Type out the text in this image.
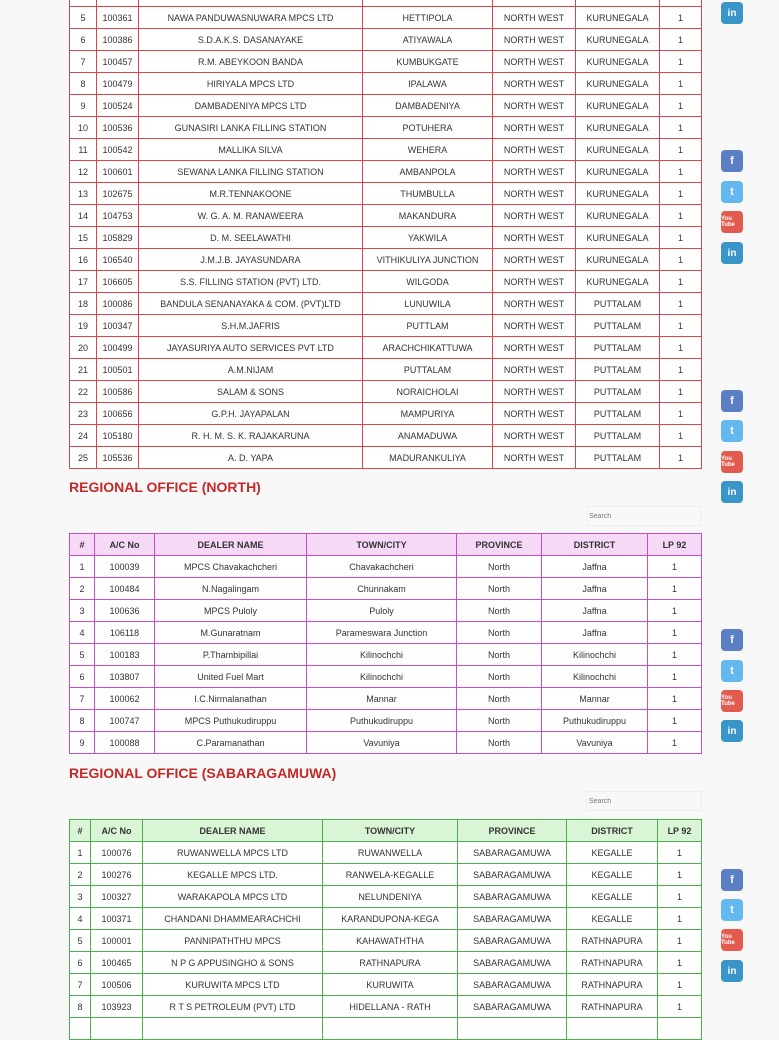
5	100361	NAWA PANDUWASNUWARA MPCS LTD	HETTIPOLA	NORTH WEST	KURUNEGALA	1
6	100386	S.D.A.K.S. DASANAYAKE	ATIYAWALA	NORTH WEST	KURUNEGALA	1
7	100457	R.M. ABEYKOON BANDA	KUMBUKGATE	NORTH WEST	KURUNEGALA	1
8	100479	HIRIYALA MPCS LTD	IPALAWA	NORTH WEST	KURUNEGALA	1
9	100524	DAMBADENIYA MPCS LTD	DAMBADENIYA	NORTH WEST	KURUNEGALA	1
10	100536	GUNASIRI LANKA FILLING STATION	POTUHERA	NORTH WEST	KURUNEGALA	1
11	100542	MALLIKA SILVA	WEHERA	NORTH WEST	KURUNEGALA	1
12	100601	SEWANA LANKA FILLING STATION	AMBANPOLA	NORTH WEST	KURUNEGALA	1
13	102675	M.R.TENNAKOONE	THUMBULLA	NORTH WEST	KURUNEGALA	1
14	104753	W. G. A. M. RANAWEERA	MAKANDURA	NORTH WEST	KURUNEGALA	1
15	105829	D. M. SEELAWATHI	YAKWILA	NORTH WEST	KURUNEGALA	1
16	106540	J.M.J.B. JAYASUNDARA	VITHIKULIYA JUNCTION	NORTH WEST	KURUNEGALA	1
17	106605	S.S. FILLING STATION (PVT) LTD.	WILGODA	NORTH WEST	KURUNEGALA	1
18	100086	BANDULA SENANAYAKA & COM. (PVT)LTD	LUNUWILA	NORTH WEST	PUTTALAM	1
19	100347	S.H.M.JAFRIS	PUTTLAM	NORTH WEST	PUTTALAM	1
20	100499	JAYASURIYA AUTO SERVICES PVT LTD	ARACHCHIKATTUWA	NORTH WEST	PUTTALAM	1
21	100501	A.M.NIJAM	PUTTALAM	NORTH WEST	PUTTALAM	1
22	100586	SALAM & SONS	NORAICHOLAI	NORTH WEST	PUTTALAM	1
23	100656	G.P.H. JAYAPALAN	MAMPURIYA	NORTH WEST	PUTTALAM	1
24	105180	R. H. M. S. K. RAJAKARUNA	ANAMADUWA	NORTH WEST	PUTTALAM	1
25	105536	A. D. YAPA	MADURANKULIYA	NORTH WEST	PUTTALAM	1
REGIONAL OFFICE (NORTH)
Search
#	A/C No	DEALER NAME	TOWN/CITY	PROVINCE	DISTRICT	LP 92
1	100039	MPCS Chavakachcheri	Chavakachcheri	North	Jaffna	1
2	100484	N.Nagalingam	Chunnakam	North	Jaffna	1
3	100636	MPCS Puloly	Puloly	North	Jaffna	1
4	106118	M.Gunaratnam	Parameswara Junction	North	Jaffna	1
5	100183	P.Thambipillai	Kilinochchi	North	Kilinochchi	1
6	103807	United Fuel Mart	Kilinochchi	North	Kilinochchi	1
7	100062	I.C.Nirmalanathan	Mannar	North	Mannar	1
8	100747	MPCS Puthukudiruppu	Puthukudiruppu	North	Puthukudiruppu	1
9	100088	C.Paramanathan	Vavuniya	North	Vavuniya	1
REGIONAL OFFICE (SABARAGAMUWA)
Search
#	A/C No	DEALER NAME	TOWN/CITY	PROVINCE	DISTRICT	LP 92
1	100076	RUWANWELLA MPCS LTD	RUWANWELLA	SABARAGAMUWA	KEGALLE	1
2	100276	KEGALLE MPCS LTD.	RANWELA-KEGALLE	SABARAGAMUWA	KEGALLE	1
3	100327	WARAKAPOLA MPCS LTD	NELUNDENIYA	SABARAGAMUWA	KEGALLE	1
4	100371	CHANDANI DHAMMEARACHCHI	KARANDUPONA-KEGA	SABARAGAMUWA	KEGALLE	1
5	100001	PANNIPATHTHU MPCS	KAHAWATHTHA	SABARAGAMUWA	RATHNAPURA	1
6	100465	N P G APPUSINGHO & SONS	RATHNAPURA	SABARAGAMUWA	RATHNAPURA	1
7	100506	KURUWITA MPCS LTD	KURUWITA	SABARAGAMUWA	RATHNAPURA	1
8	103923	R T S PETROLEUM (PVT) LTD	HIDELLANA - RATH	SABARAGAMUWA	RATHNAPURA	1

in
f
t
You Tube
in
f
t
You Tube
in
f
t
You Tube
in
f
t
You Tube
in
